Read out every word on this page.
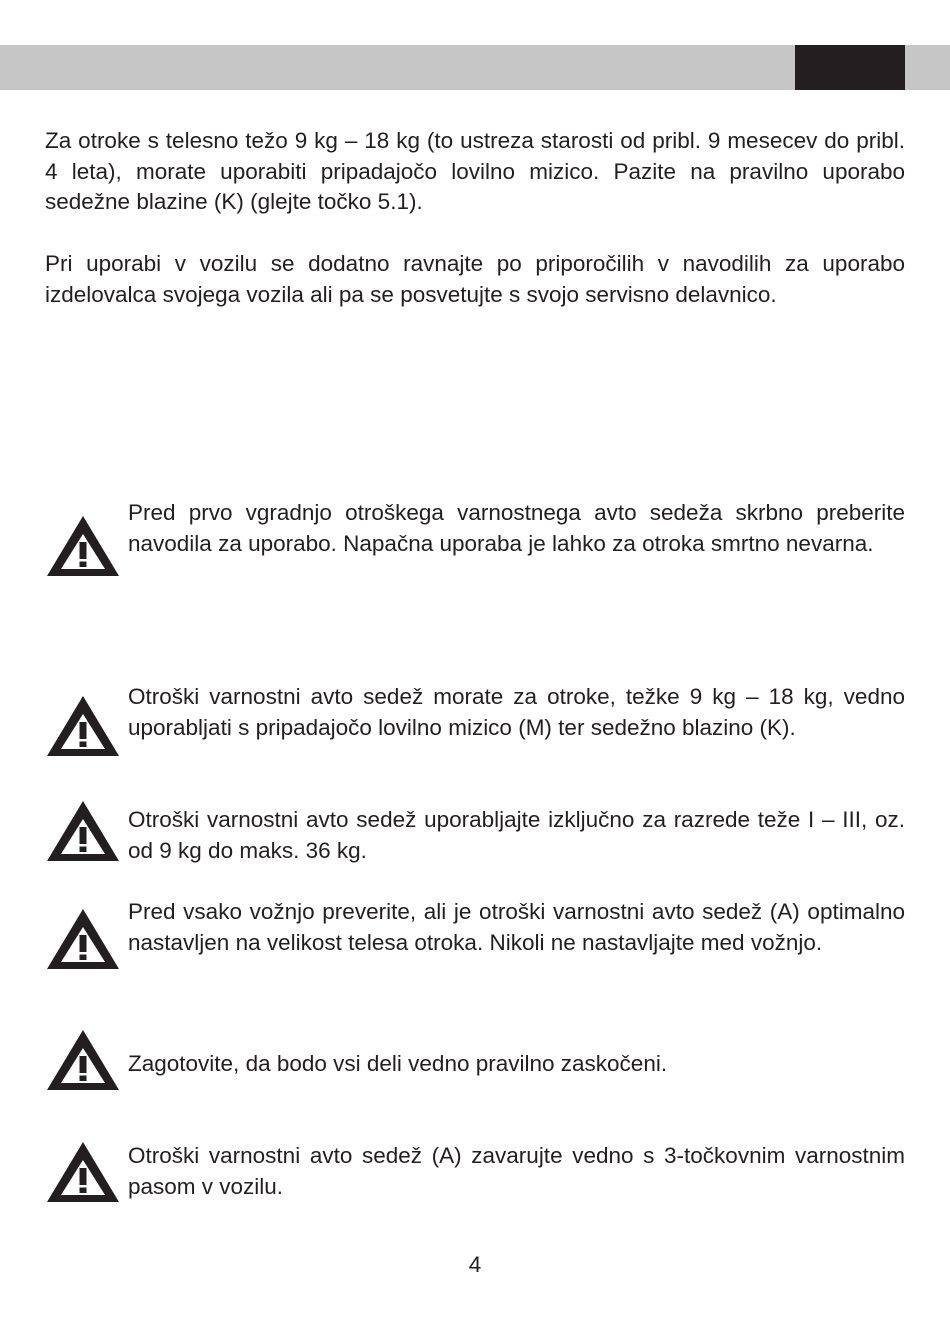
Za otroke s telesno težo 9 kg – 18 kg (to ustreza starosti od pribl. 9 mesecev do pribl. 4 leta), morate uporabiti pripadajočo lovilno mizico. Pazite na pravilno uporabo sedežne blazine (K) (glejte točko 5.1).

Pri uporabi v vozilu se dodatno ravnajte po priporočilih v navodilih za uporabo izdelovalca svojega vozila ali pa se posvetujte s svojo servisno delavnico.

Pred prvo vgradnjo otroškega varnostnega avto sedeža skrbno preberite navodila za uporabo. Napačna uporaba je lahko za otroka smrtno nevarna.

Otroški varnostni avto sedež morate za otroke, težke 9 kg – 18 kg, vedno uporabljati s pripadajočo lovilno mizico (M) ter sedežno blazino (K).

Otroški varnostni avto sedež uporabljajte izključno za razrede teže I – III, oz. od 9 kg do maks. 36 kg.

Pred vsako vožnjo preverite, ali je otroški varnostni avto sedež (A) optimalno nastavljen na velikost telesa otroka. Nikoli ne nastavljajte med vožnjo.

Zagotovite, da bodo vsi deli vedno pravilno zaskočeni.

Otroški varnostni avto sedež (A) zavarujte vedno s 3-točkovnim varnostnim pasom v vozilu.

4
